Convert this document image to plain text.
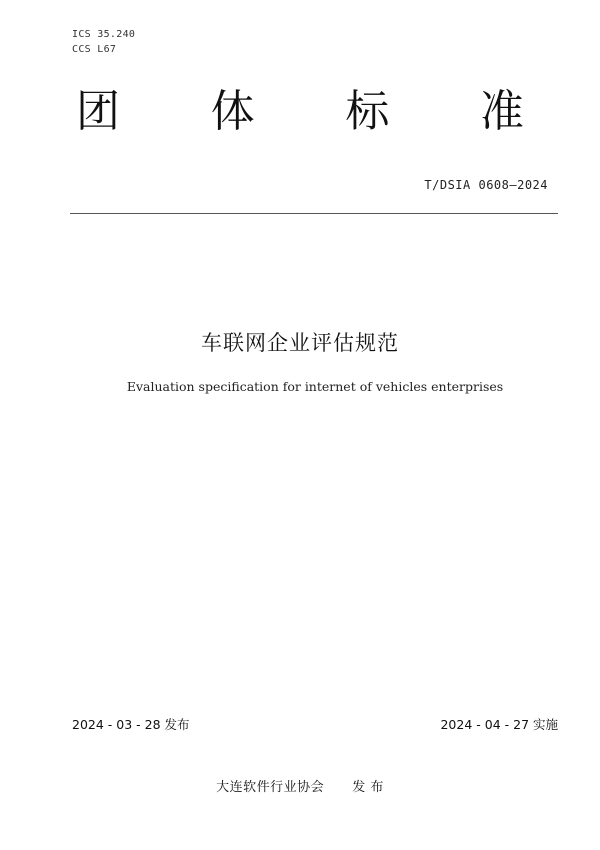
ICS 35.240
CCS L67
团 体 标 准
T/DSIA 0608—2024
车联网企业评估规范
Evaluation specification for internet of vehicles enterprises
2024 - 03 - 28 发布	2024 - 04 - 27 实施
大连软件行业协会 发 布
